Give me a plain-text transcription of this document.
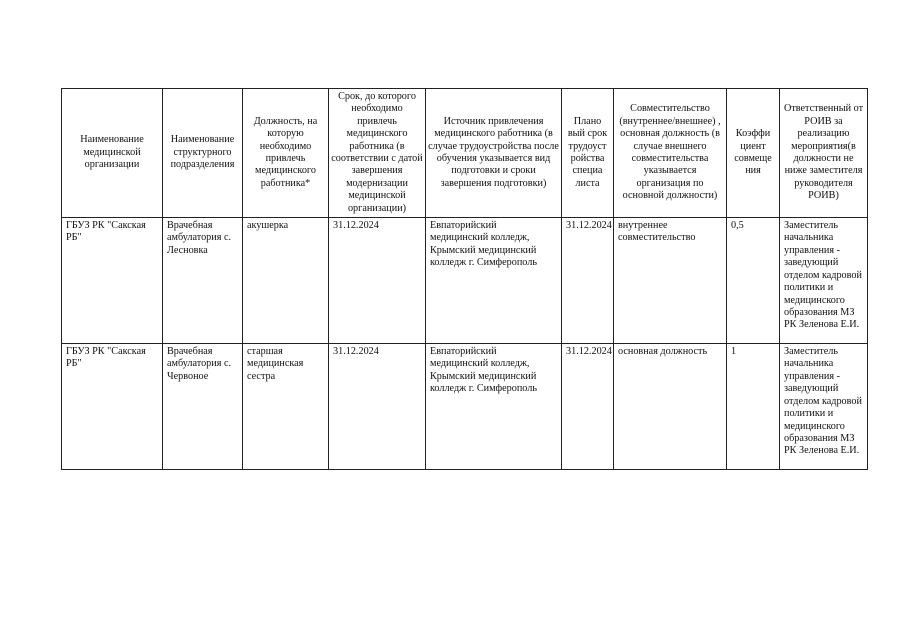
Наименование медицинской организации	Наименование структурного подразделения	Должность, на которую необходимо привлечь медицинского работника*	Срок, до которого необходимо привлечь медицинского работника (в соответствии с датой завершения модернизации медицинской организации)	Источник привлечения медицинского работника (в случае трудоустройства после обучения указывается вид подготовки и сроки завершения подготовки)	Плано вый срок трудоуст ройства специа листа	Совместительство (внутреннее/внешнее) , основная должность (в случае внешнего совместительства указывается организация по основной должности)	Коэффи циент совмеще ния	Ответственный от РОИВ за реализацию мероприятия(в должности не ниже заместителя руководителя РОИВ)
ГБУЗ РК "Сакская РБ"	Врачебная амбулатория с. Лесновка	акушерка	31.12.2024	Евпаторийский медицинский колледж, Крымский медицинский колледж г. Симферополь	31.12.2024	внутреннее совместительство	0,5	Заместитель начальника управления - заведующий отделом кадровой политики и медицинского образования МЗ РК Зеленова Е.И.
ГБУЗ РК "Сакская РБ"	Врачебная амбулатория с. Червоное	старшая медицинская сестра	31.12.2024	Евпаторийский медицинский колледж, Крымский медицинский колледж г. Симферополь	31.12.2024	основная должность	1	Заместитель начальника управления - заведующий отделом кадровой политики и медицинского образования МЗ РК Зеленова Е.И.
